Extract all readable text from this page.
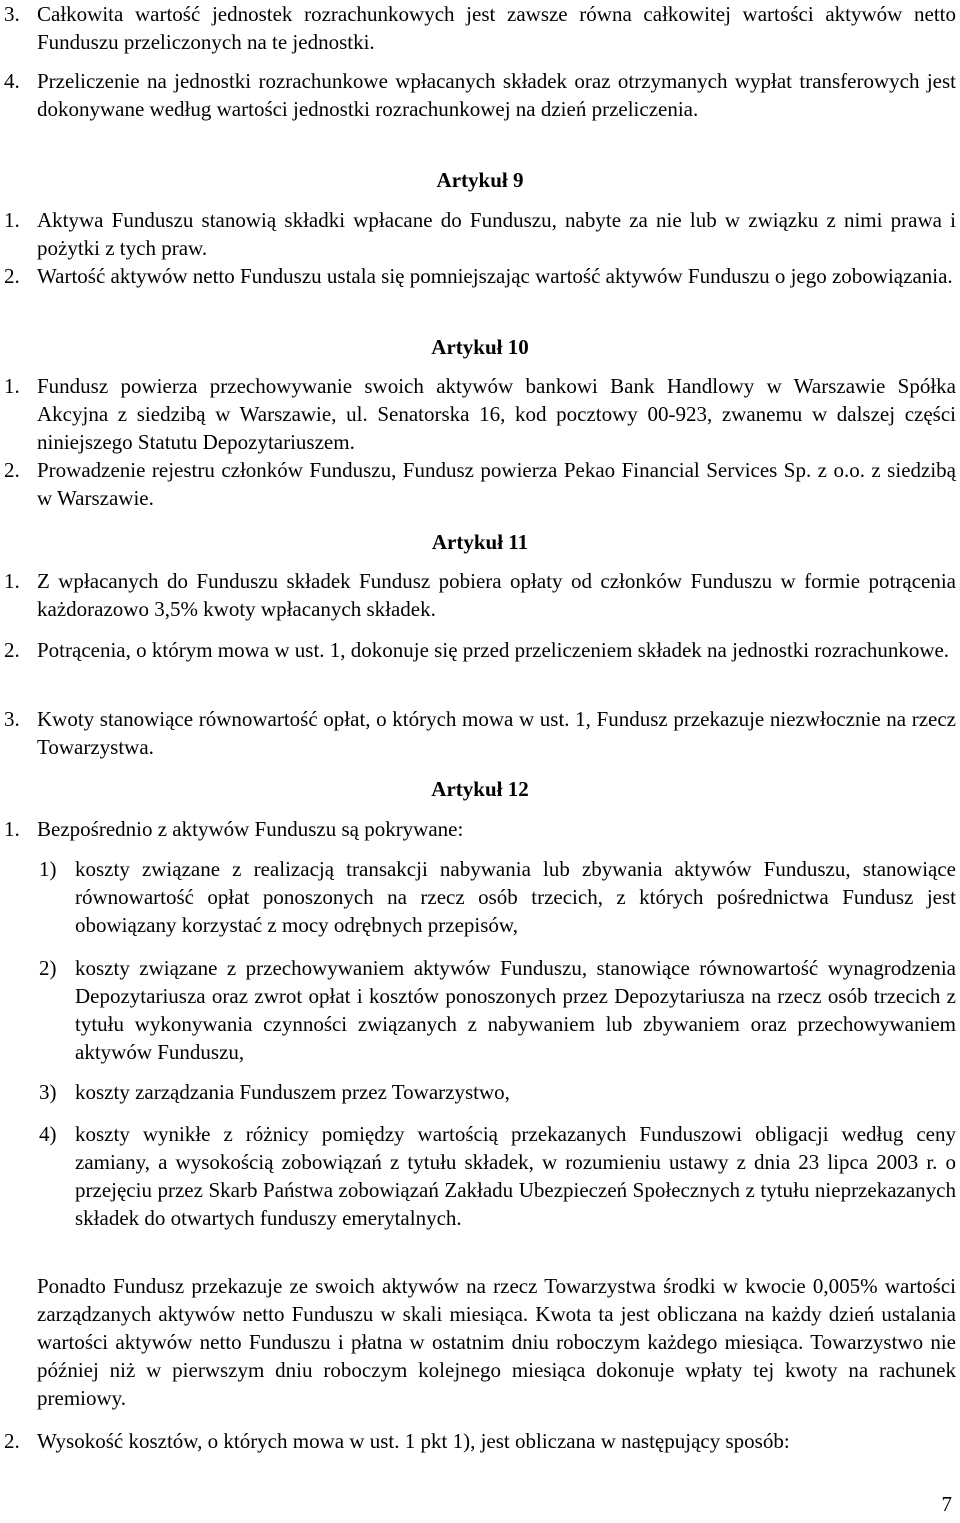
3. Całkowita wartość jednostek rozrachunkowych jest zawsze równa całkowitej wartości aktywów netto Funduszu przeliczonych na te jednostki.
4. Przeliczenie na jednostki rozrachunkowe wpłacanych składek oraz otrzymanych wypłat transferowych jest dokonywane według wartości jednostki rozrachunkowej na dzień przeliczenia.
Artykuł 9
1. Aktywa Funduszu stanowią składki wpłacane do Funduszu, nabyte za nie lub w związku z nimi prawa i pożytki z tych praw.
2. Wartość aktywów netto Funduszu ustala się pomniejszając wartość aktywów Funduszu o jego zobowiązania.
Artykuł 10
1. Fundusz powierza przechowywanie swoich aktywów bankowi Bank Handlowy w Warszawie Spółka Akcyjna z siedzibą w Warszawie, ul. Senatorska 16, kod pocztowy 00-923, zwanemu w dalszej części niniejszego Statutu Depozytariuszem.
2. Prowadzenie rejestru członków Funduszu, Fundusz powierza Pekao Financial Services Sp. z o.o. z siedzibą w Warszawie.
Artykuł 11
1. Z wpłacanych do Funduszu składek Fundusz pobiera opłaty od członków Funduszu w formie potrącenia każdorazowo 3,5% kwoty wpłacanych składek.
2. Potrącenia, o którym mowa w ust. 1, dokonuje się przed przeliczeniem składek na jednostki rozrachunkowe.
3. Kwoty stanowiące równowartość opłat, o których mowa w ust. 1, Fundusz przekazuje niezwłocznie na rzecz Towarzystwa.
Artykuł 12
1. Bezpośrednio z aktywów Funduszu są pokrywane:
1) koszty związane z realizacją transakcji nabywania lub zbywania aktywów Funduszu, stanowiące równowartość opłat ponoszonych na rzecz osób trzecich, z których pośrednictwa Fundusz jest obowiązany korzystać z mocy odrębnych przepisów,
2) koszty związane z przechowywaniem aktywów Funduszu, stanowiące równowartość wynagrodzenia Depozytariusza oraz zwrot opłat i kosztów ponoszonych przez Depozytariusza na rzecz osób trzecich z tytułu wykonywania czynności związanych z nabywaniem lub zbywaniem oraz przechowywaniem aktywów Funduszu,
3) koszty zarządzania Funduszem przez Towarzystwo,
4) koszty wynikłe z różnicy pomiędzy wartością przekazanych Funduszowi obligacji według ceny zamiany, a wysokością zobowiązań z tytułu składek, w rozumieniu ustawy z dnia 23 lipca 2003 r. o przejęciu przez Skarb Państwa zobowiązań Zakładu Ubezpieczeń Społecznych z tytułu nieprzekazanych składek do otwartych funduszy emerytalnych.
Ponadto Fundusz przekazuje ze swoich aktywów na rzecz Towarzystwa środki w kwocie 0,005% wartości zarządzanych aktywów netto Funduszu w skali miesiąca. Kwota ta jest obliczana na każdy dzień ustalania wartości aktywów netto Funduszu i płatna w ostatnim dniu roboczym każdego miesiąca. Towarzystwo nie później niż w pierwszym dniu roboczym kolejnego miesiąca dokonuje wpłaty tej kwoty na rachunek premiowy.
2. Wysokość kosztów, o których mowa w ust. 1 pkt 1), jest obliczana w następujący sposób:
7
